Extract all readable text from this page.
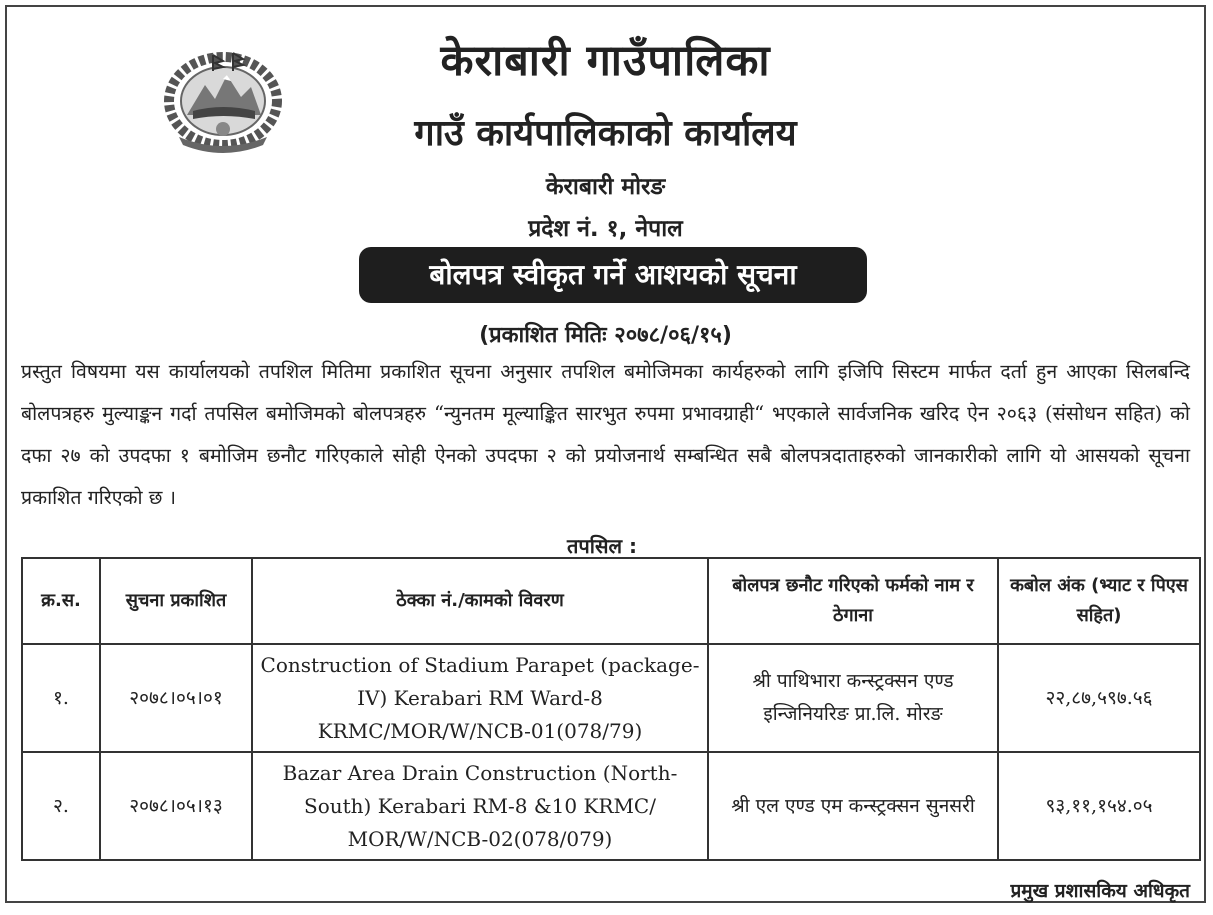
केराबारी गाउँपालिका
गाउँ कार्यपालिकाको कार्यालय
केराबारी मोरङ
प्रदेश नं. १, नेपाल
बोलपत्र स्वीकृत गर्ने आशयको सूचना
(प्रकाशित मितिः २०७८/०६/१५)
प्रस्तुत विषयमा यस कार्यालयको तपशिल मितिमा प्रकाशित सूचना अनुसार तपशिल बमोजिमका कार्यहरुको लागि इजिपि सिस्टम मार्फत दर्ता हुन आएका सिलबन्दि बोलपत्रहरु मुल्याङ्कन गर्दा तपसिल बमोजिमको बोलपत्रहरु “न्युनतम मूल्याङ्कित सारभुत रुपमा प्रभावग्राही“ भएकाले सार्वजनिक खरिद ऐन २०६३ (संसोधन सहित) को दफा २७ को उपदफा १ बमोजिम छनौट गरिएकाले सोही ऐनको उपदफा २ को प्रयोजनार्थ सम्बन्धित सबै बोलपत्रदाताहरुको जानकारीको लागि यो आसयको सूचना प्रकाशित गरिएको छ ।
तपसिल :
क्र.स.	सुचना प्रकाशित	ठेक्का नं./कामको विवरण	बोलपत्र छनौट गरिएको फर्मको नाम र ठेगाना	कबोल अंक (भ्याट र पिएस सहित)
१.	२०७८।०५।०१	Construction of Stadium Parapet (package-IV) Kerabari RM Ward-8 KRMC/MOR/W/NCB-01(078/79)	श्री पाथिभारा कन्स्ट्रक्सन एण्ड इन्जिनियरिङ प्रा.लि. मोरङ	२२,८७,५९७.५६
२.	२०७८।०५।१३	Bazar Area Drain Construction (North-South) Kerabari RM-8 &10 KRMC/ MOR/W/NCB-02(078/079)	श्री एल एण्ड एम कन्स्ट्रक्सन सुनसरी	९३,११,१५४.०५
प्रमुख प्रशासकिय अधिकृत
